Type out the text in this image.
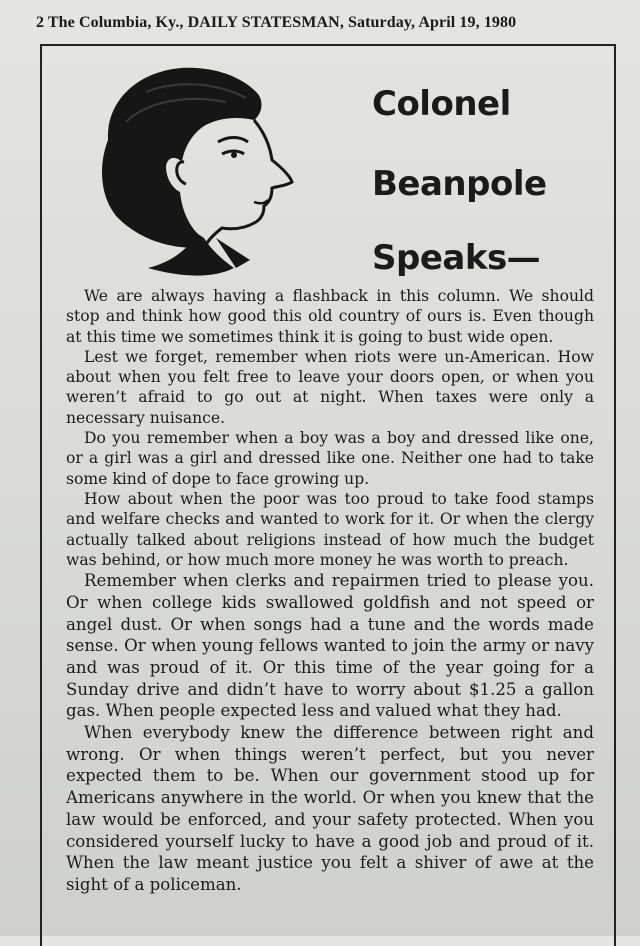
2 The Columbia, Ky., DAILY STATESMAN, Saturday, April 19, 1980
Colonel
Beanpole
Speaks—

We are always having a flashback in this column. We should stop and think how good this old country of ours is. Even though at this time we sometimes think it is going to bust wide open.

Lest we forget, remember when riots were un-American. How about when you felt free to leave your doors open, or when you weren’t afraid to go out at night. When taxes were only a necessary nuisance.

Do you remember when a boy was a boy and dressed like one, or a girl was a girl and dressed like one. Neither one had to take some kind of dope to face growing up.

How about when the poor was too proud to take food stamps and welfare checks and wanted to work for it. Or when the clergy actually talked about religions instead of how much the budget was behind, or how much more money he was worth to preach.

Remember when clerks and repairmen tried to please you. Or when college kids swallowed goldfish and not speed or angel dust. Or when songs had a tune and the words made sense. Or when young fellows wanted to join the army or navy and was proud of it. Or this time of the year going for a Sunday drive and didn’t have to worry about $1.25 a gallon gas. When people expected less and valued what they had.

When everybody knew the difference between right and wrong. Or when things weren’t perfect, but you never expected them to be. When our government stood up for Americans anywhere in the world. Or when you knew that the law would be enforced, and your safety protected. When you considered yourself lucky to have a good job and proud of it. When the law meant justice you felt a shiver of awe at the sight of a policeman.
